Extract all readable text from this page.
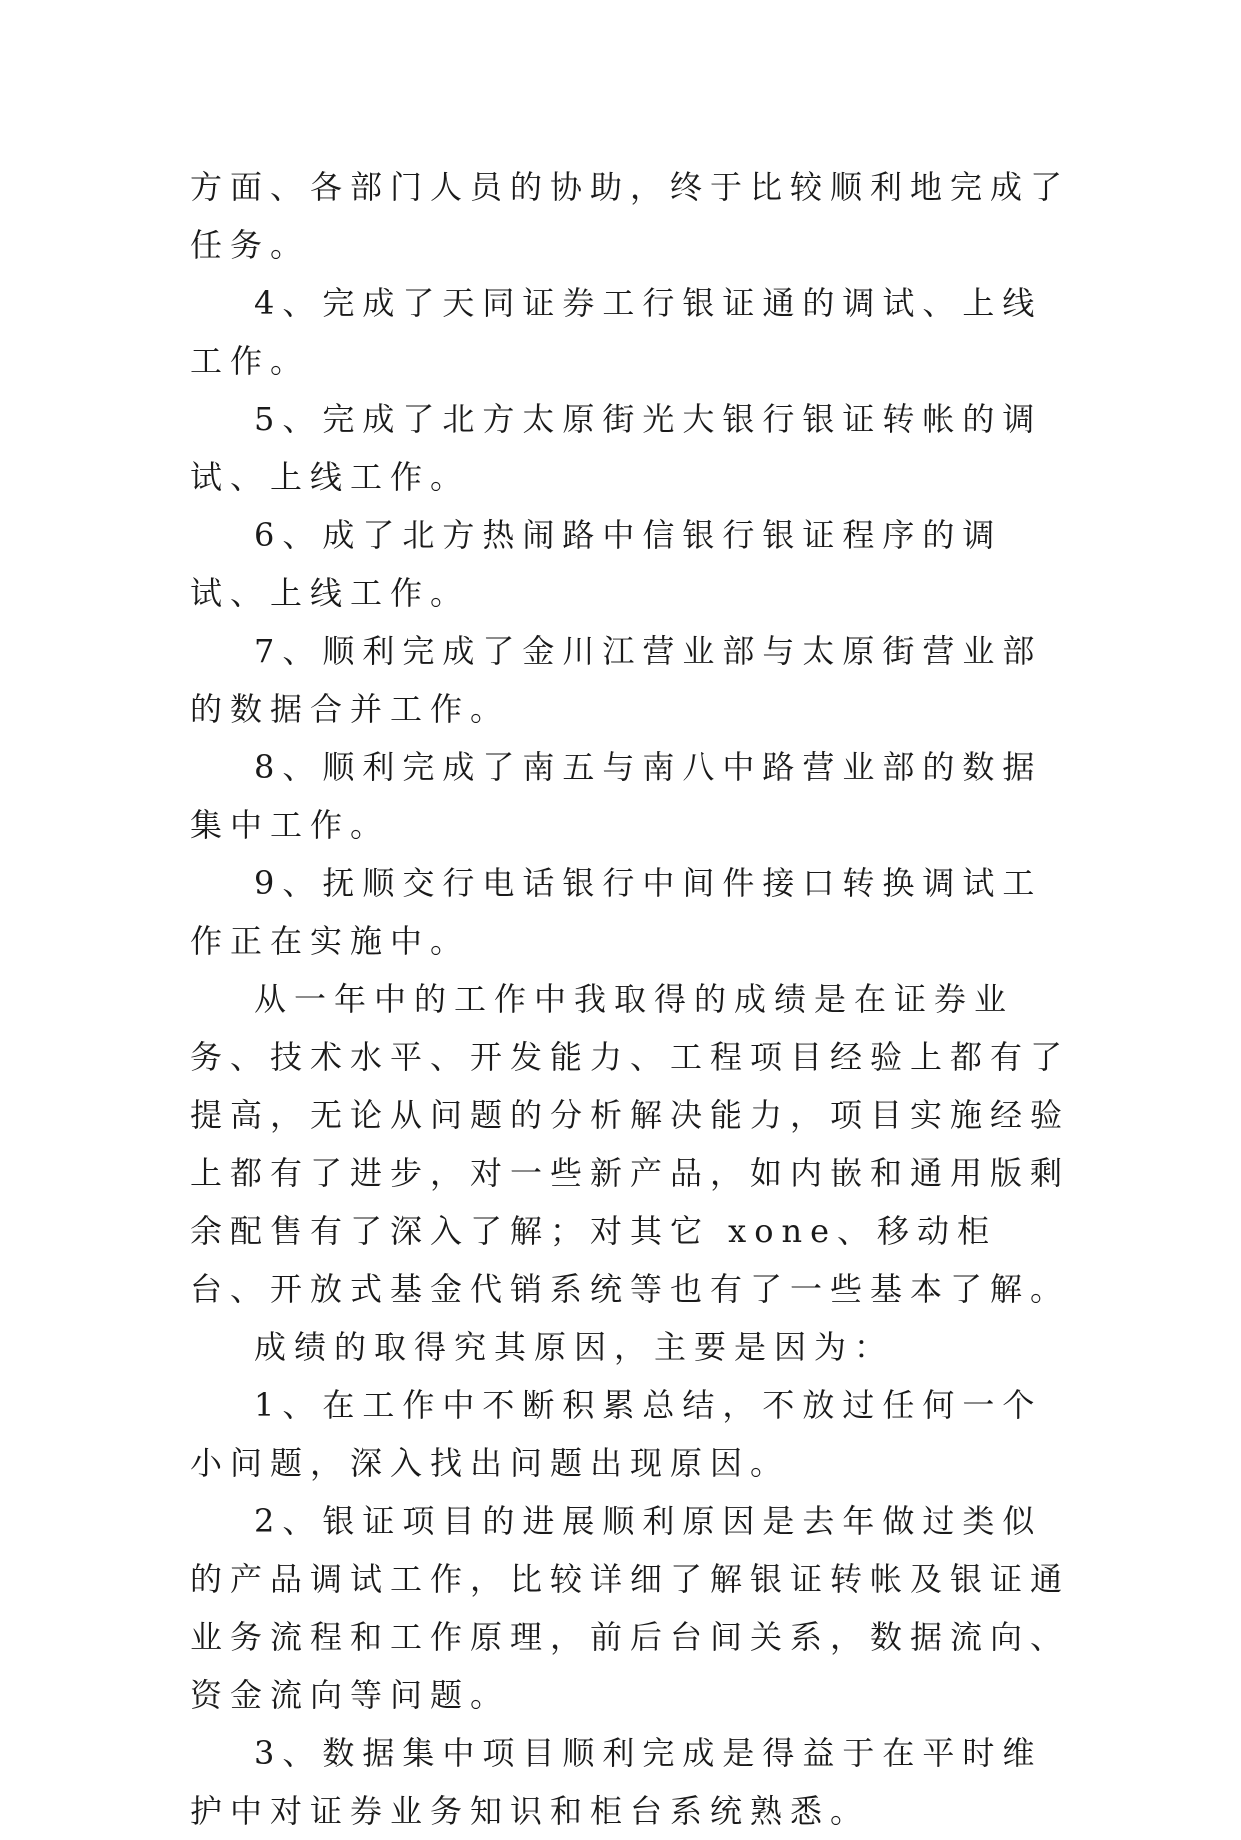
方面、各部门人员的协助，终于比较顺利地完成了任务。

4、完成了天同证券工行银证通的调试、上线工作。

5、完成了北方太原街光大银行银证转帐的调试、上线工作。

6、成了北方热闹路中信银行银证程序的调试、上线工作。

7、顺利完成了金川江营业部与太原街营业部的数据合并工作。

8、顺利完成了南五与南八中路营业部的数据集中工作。

9、抚顺交行电话银行中间件接口转换调试工作正在实施中。

从一年中的工作中我取得的成绩是在证券业务、技术水平、开发能力、工程项目经验上都有了提高，无论从问题的分析解决能力，项目实施经验上都有了进步，对一些新产品，如内嵌和通用版剩余配售有了深入了解；对其它 xone、移动柜台、开放式基金代销系统等也有了一些基本了解。

成绩的取得究其原因，主要是因为：

1、在工作中不断积累总结，不放过任何一个小问题，深入找出问题出现原因。

2、银证项目的进展顺利原因是去年做过类似的产品调试工作，比较详细了解银证转帐及银证通业务流程和工作原理，前后台间关系，数据流向、资金流向等问题。

3、数据集中项目顺利完成是得益于在平时维护中对证券业务知识和柜台系统熟悉。
